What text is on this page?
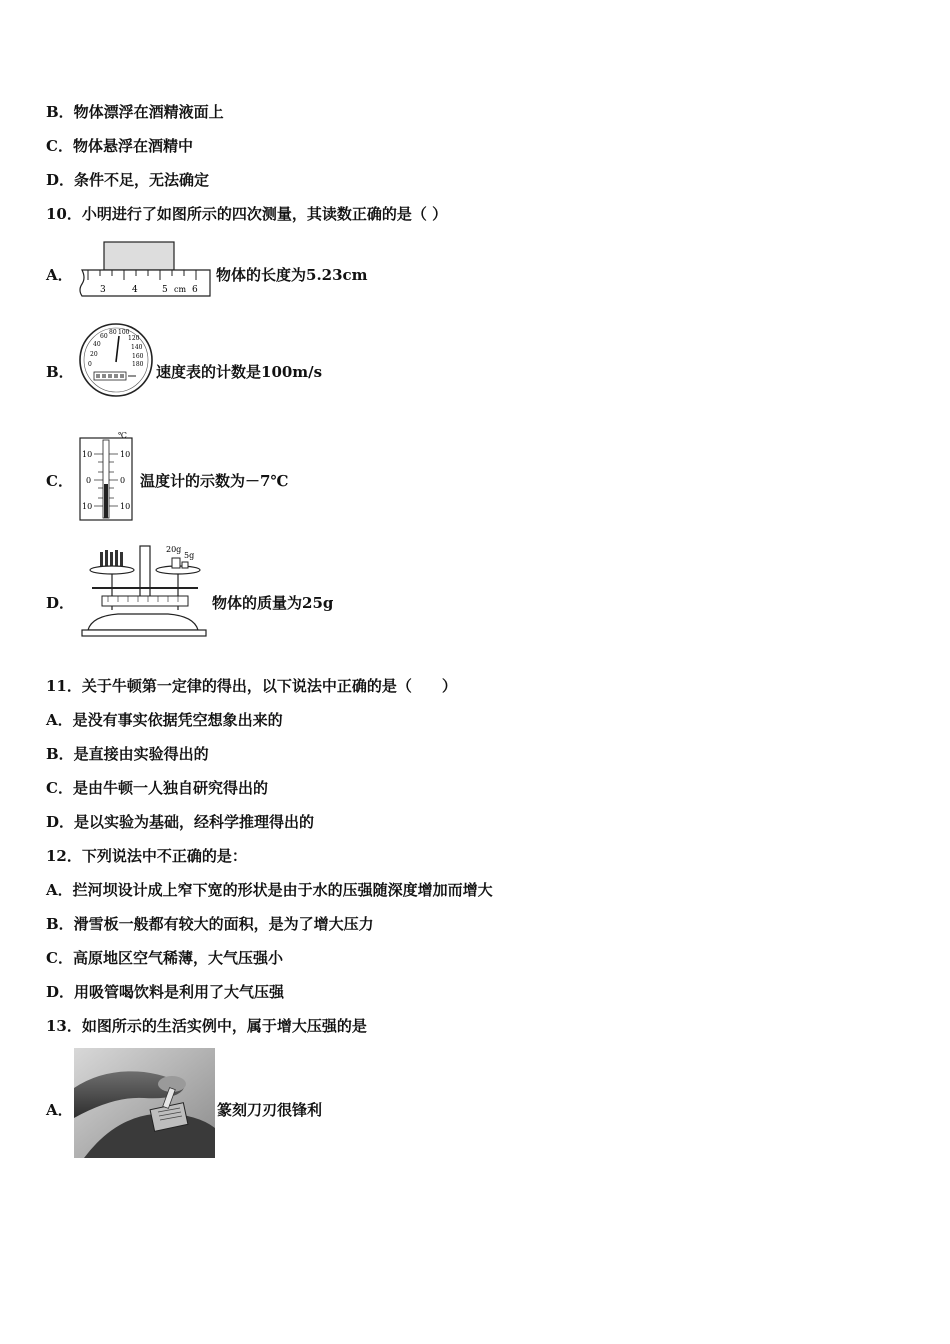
B．物体漂浮在酒精液面上
C．物体悬浮在酒精中
D．条件不足，无法确定
10．小明进行了如图所示的四次测量，其读数正确的是（ ）
A．
3	4	5 cm 6
物体的长度为5.23cm
B．
20
40
60
80 100
120
140
160
180
0	速度表的计数是100m/s
C．
℃
10	10
0	0
10	10
温度计的示数为－7℃
D．
20g
5g
物体的质量为25g
11．关于牛顿第一定律的得出，以下说法中正确的是（　　）
A．是没有事实依据凭空想象出来的
B．是直接由实验得出的
C．是由牛顿一人独自研究得出的
D．是以实验为基础，经科学推理得出的
12．下列说法中不正确的是：
A．拦河坝设计成上窄下宽的形状是由于水的压强随深度增加而增大
B．滑雪板一般都有较大的面积，是为了增大压力
C．高原地区空气稀薄，大气压强小
D．用吸管喝饮料是利用了大气压强
13．如图所示的生活实例中，属于增大压强的是
A．	篆刻刀刃很锋利
